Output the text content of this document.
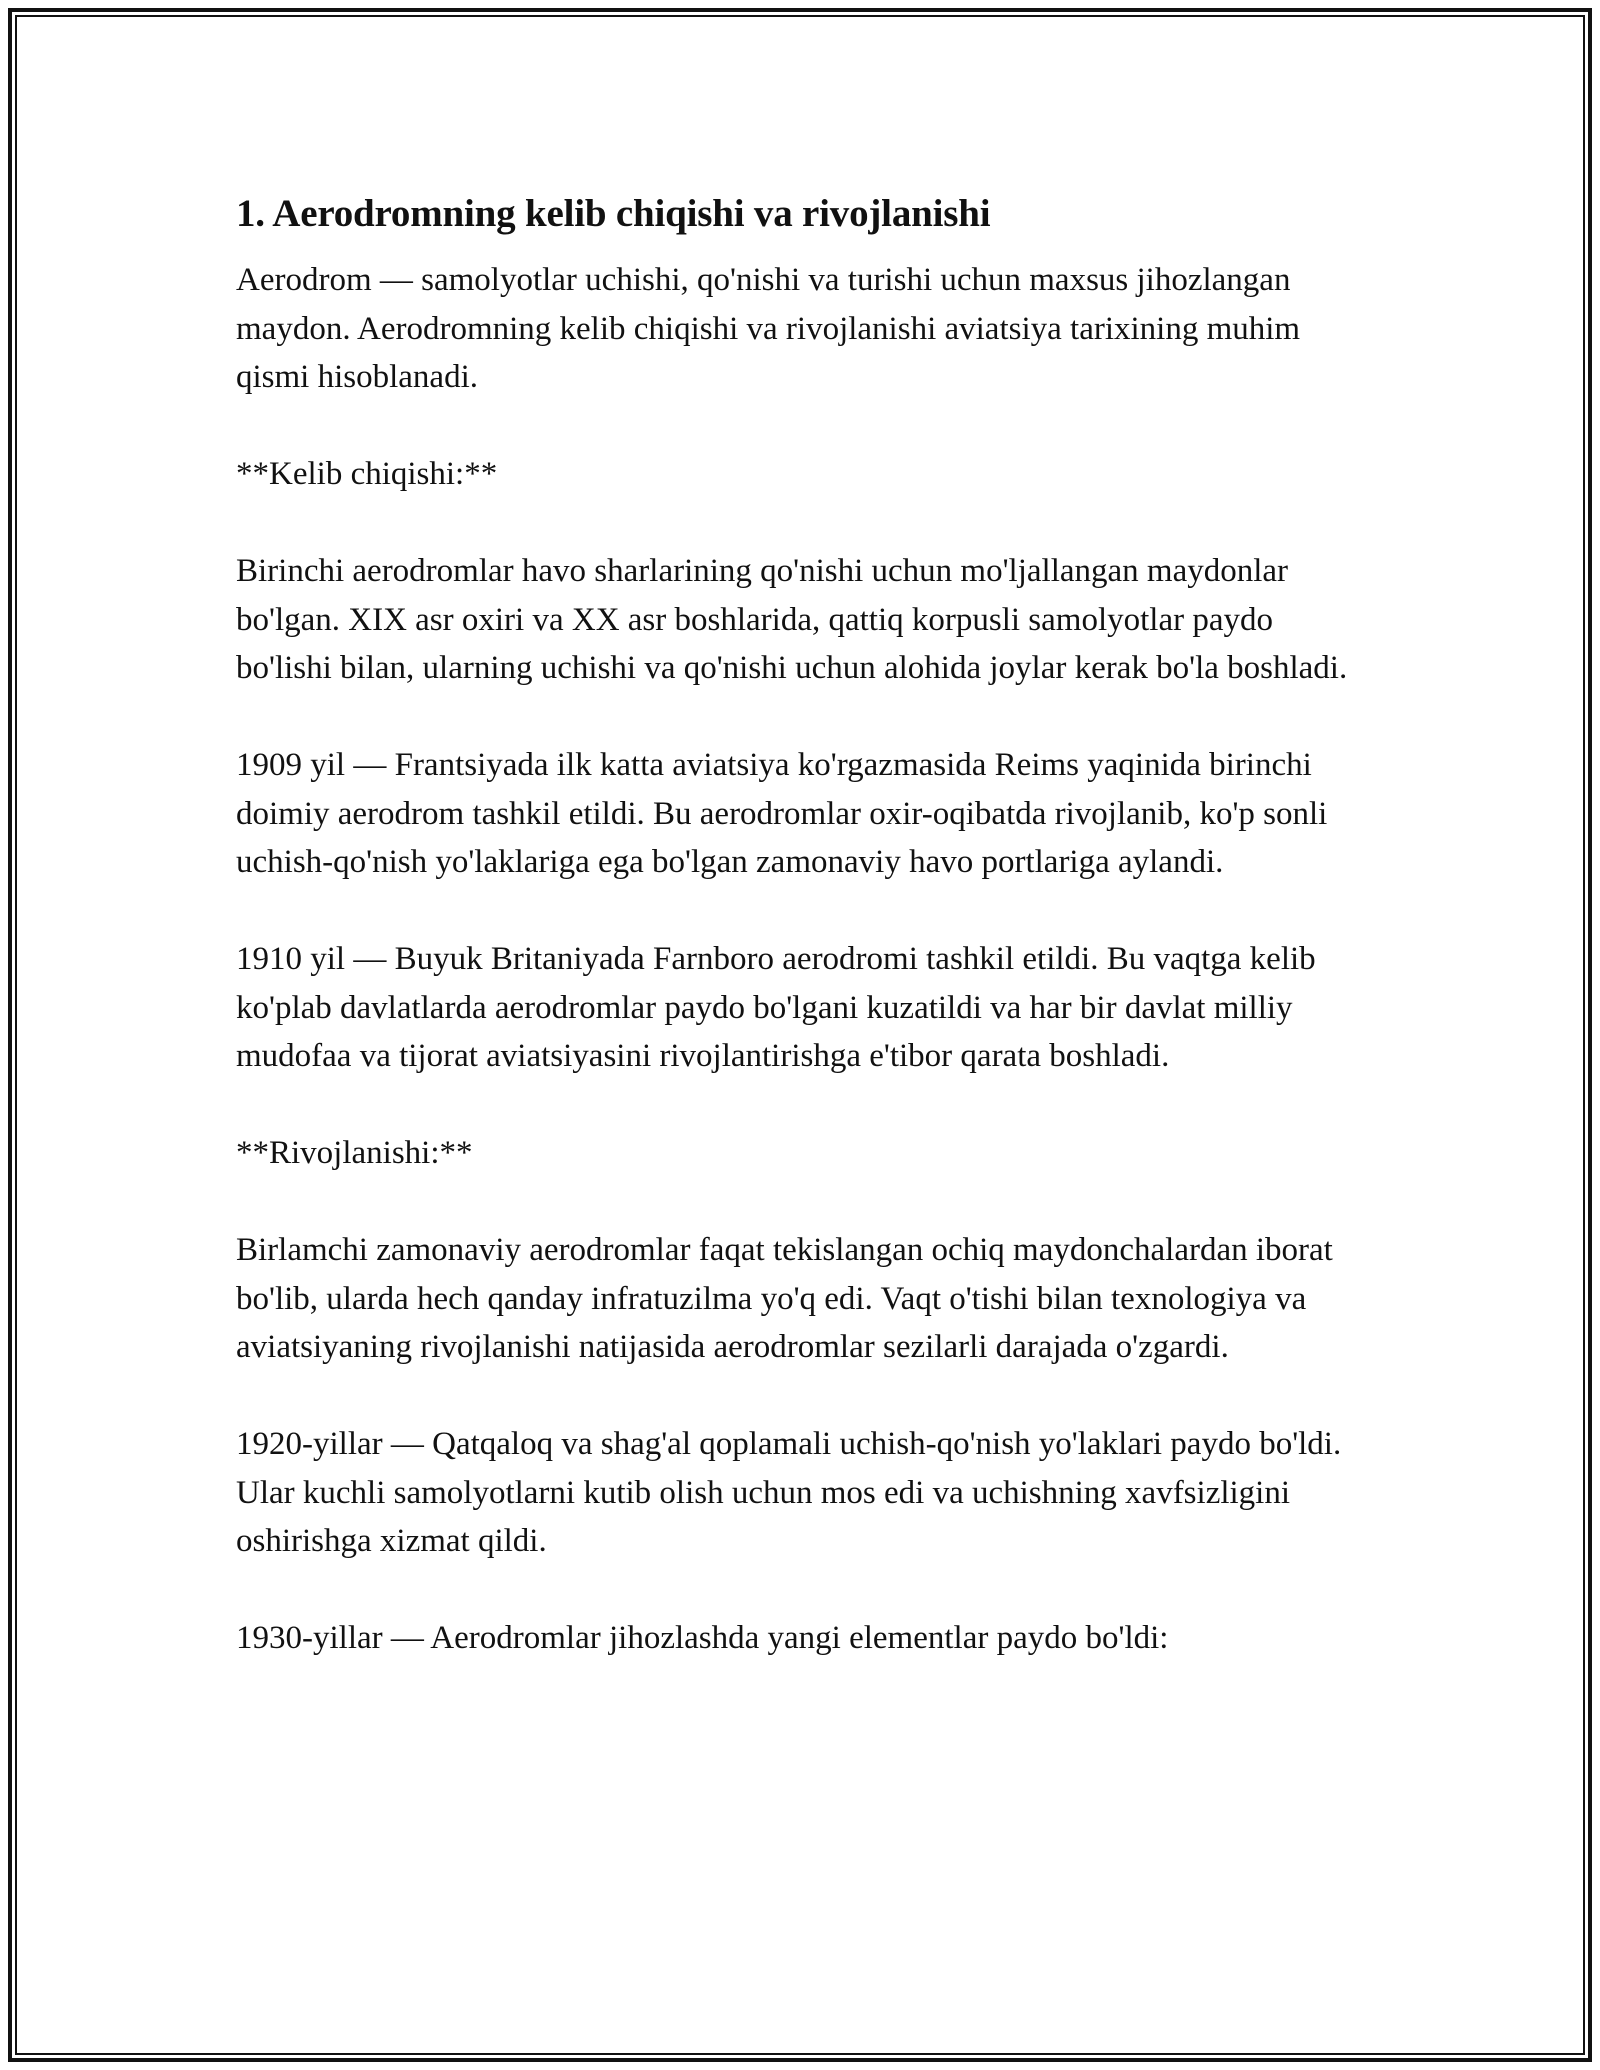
1. Aerodromning kelib chiqishi va rivojlanishi

Aerodrom — samolyotlar uchishi, qo'nishi va turishi uchun maxsus jihozlangan maydon. Aerodromning kelib chiqishi va rivojlanishi aviatsiya tarixining muhim qismi hisoblanadi.

**Kelib chiqishi:**

Birinchi aerodromlar havo sharlarining qo'nishi uchun mo'ljallangan maydonlar bo'lgan. XIX asr oxiri va XX asr boshlarida, qattiq korpusli samolyotlar paydo bo'lishi bilan, ularning uchishi va qo'nishi uchun alohida joylar kerak bo'la boshladi.

1909 yil — Frantsiyada ilk katta aviatsiya ko'rgazmasida Reims yaqinida birinchi doimiy aerodrom tashkil etildi. Bu aerodromlar oxir-oqibatda rivojlanib, ko'p sonli uchish-qo'nish yo'laklariga ega bo'lgan zamonaviy havo portlariga aylandi.

1910 yil — Buyuk Britaniyada Farnboro aerodromi tashkil etildi. Bu vaqtga kelib ko'plab davlatlarda aerodromlar paydo bo'lgani kuzatildi va har bir davlat milliy mudofaa va tijorat aviatsiyasini rivojlantirishga e'tibor qarata boshladi.

**Rivojlanishi:**

Birlamchi zamonaviy aerodromlar faqat tekislangan ochiq maydonchalardan iborat bo'lib, ularda hech qanday infratuzilma yo'q edi. Vaqt o'tishi bilan texnologiya va aviatsiyaning rivojlanishi natijasida aerodromlar sezilarli darajada o'zgardi.

1920-yillar — Qatqaloq va shag'al qoplamali uchish-qo'nish yo'laklari paydo bo'ldi. Ular kuchli samolyotlarni kutib olish uchun mos edi va uchishning xavfsizligini oshirishga xizmat qildi.

1930-yillar — Aerodromlar jihozlashda yangi elementlar paydo bo'ldi:
